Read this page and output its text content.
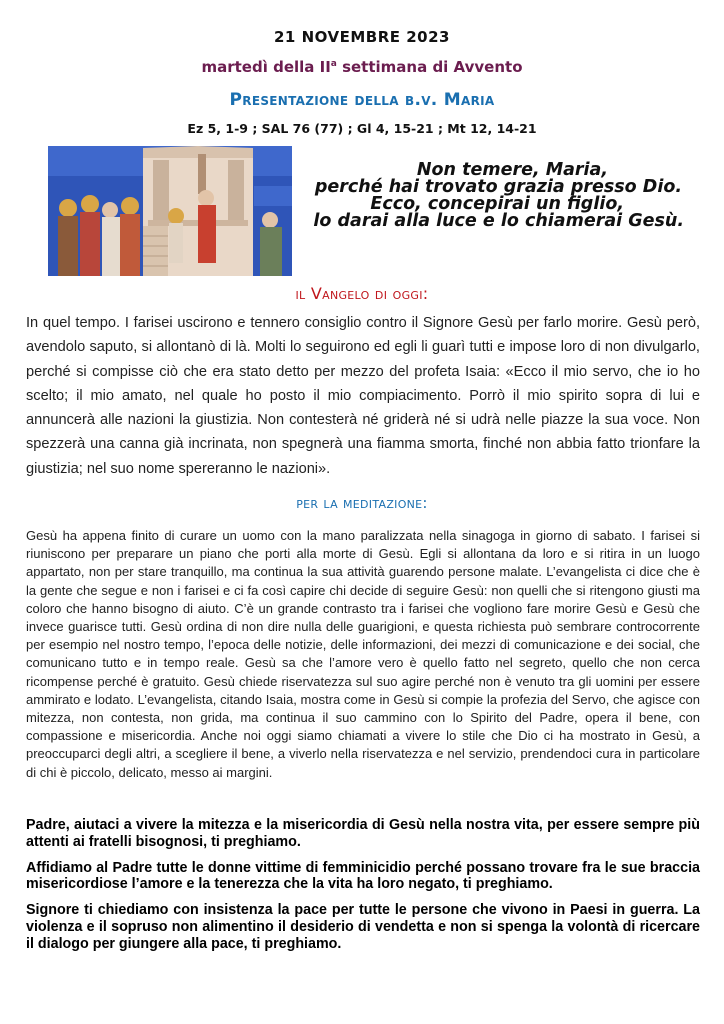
21 NOVEMBRE 2023
martedì della $II^a$ settimana di Avvento
Presentazione della b.v. Maria
Ez 5, 1-9 ; SAL 76 (77) ; Gl 4, 15-21 ; Mt 12, 14-21
Non temere, Maria,
perché hai trovato grazia presso Dio.
Ecco, concepirai un figlio,
lo darai alla luce e lo chiamerai Gesù.
il Vangelo di oggi:
In quel tempo. I farisei uscirono e tennero consiglio contro il Signore Gesù per farlo morire. Gesù però, avendolo saputo, si allontanò di là. Molti lo seguirono ed egli li guarì tutti e impose loro di non divulgarlo, perché si compisse ciò che era stato detto per mezzo del profeta Isaia: «Ecco il mio servo, che io ho scelto; il mio amato, nel quale ho posto il mio compiacimento. Porrò il mio spirito sopra di lui e annuncerà alle nazioni la giustizia. Non contesterà né griderà né si udrà nelle piazze la sua voce. Non spezzerà una canna già incrinata, non spegnerà una fiamma smorta, finché non abbia fatto trionfare la giustizia; nel suo nome spereranno le nazioni».
per la meditazione:
Gesù ha appena finito di curare un uomo con la mano paralizzata nella sinagoga in giorno di sabato. I farisei si riuniscono per preparare un piano che porti alla morte di Gesù. Egli si allontana da loro e si ritira in un luogo appartato, non per stare tranquillo, ma continua la sua attività guarendo persone malate. L’evangelista ci dice che è la gente che segue e non i farisei e ci fa così capire chi decide di seguire Gesù: non quelli che si ritengono giusti ma coloro che hanno bisogno di aiuto. C’è un grande contrasto tra i farisei che vogliono fare morire Gesù e Gesù che invece guarisce tutti. Gesù ordina di non dire nulla delle guarigioni, e questa richiesta può sembrare controcorrente per esempio nel nostro tempo, l’epoca delle notizie, delle informazioni, dei mezzi di comunicazione e dei social, che comunicano tutto e in tempo reale. Gesù sa che l’amore vero è quello fatto nel segreto, quello che non cerca ricompense perché è gratuito. Gesù chiede riservatezza sul suo agire perché non è venuto tra gli uomini per essere ammirato e lodato. L’evangelista, citando Isaia, mostra come in Gesù si compie la profezia del Servo, che agisce con mitezza, non contesta, non grida, ma continua il suo cammino con lo Spirito del Padre, opera il bene, con compassione e misericordia. Anche noi oggi siamo chiamati a vivere lo stile che Dio ci ha mostrato in Gesù, a preoccuparci degli altri, a scegliere il bene, a viverlo nella riservatezza e nel servizio, prendendoci cura in particolare di chi è piccolo, delicato, messo ai margini.

Padre, aiutaci a vivere la mitezza e la misericordia di Gesù nella nostra vita, per essere sempre più attenti ai fratelli bisognosi, ti preghiamo.

Affidiamo al Padre tutte le donne vittime di femminicidio perché possano trovare fra le sue braccia misericordiose l’amore e la tenerezza che la vita ha loro negato, ti preghiamo.

Signore ti chiediamo con insistenza la pace per tutte le persone che vivono in Paesi in guerra. La violenza e il sopruso non alimentino il desiderio di vendetta e non si spenga la volontà di ricercare il dialogo per giungere alla pace, ti preghiamo.
